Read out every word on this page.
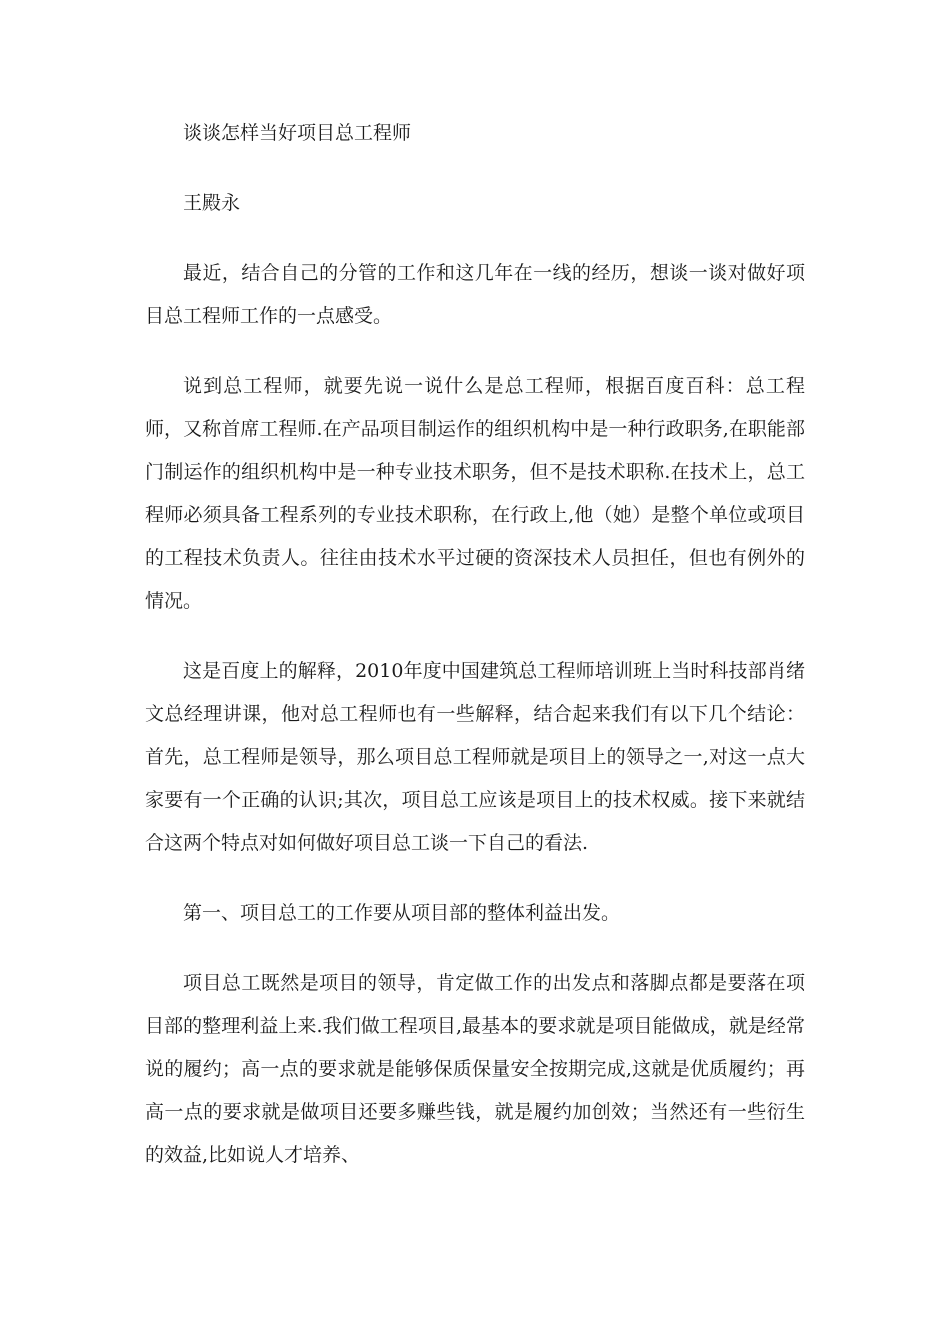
谈谈怎样当好项目总工程师

王殿永

最近，结合自己的分管的工作和这几年在一线的经历，想谈一谈对做好项目总工程师工作的一点感受。

说到总工程师，就要先说一说什么是总工程师，根据百度百科：总工程师，又称首席工程师.在产品项目制运作的组织机构中是一种行政职务,在职能部门制运作的组织机构中是一种专业技术职务，但不是技术职称.在技术上，总工程师必须具备工程系列的专业技术职称，在行政上,他（她）是整个单位或项目的工程技术负责人。往往由技术水平过硬的资深技术人员担任，但也有例外的情况。

这是百度上的解释，2010年度中国建筑总工程师培训班上当时科技部肖绪文总经理讲课，他对总工程师也有一些解释，结合起来我们有以下几个结论：首先，总工程师是领导，那么项目总工程师就是项目上的领导之一,对这一点大家要有一个正确的认识;其次，项目总工应该是项目上的技术权威。接下来就结合这两个特点对如何做好项目总工谈一下自己的看法.

第一、项目总工的工作要从项目部的整体利益出发。

项目总工既然是项目的领导，肯定做工作的出发点和落脚点都是要落在项目部的整理利益上来.我们做工程项目,最基本的要求就是项目能做成，就是经常说的履约；高一点的要求就是能够保质保量安全按期完成,这就是优质履约；再高一点的要求就是做项目还要多赚些钱，就是履约加创效；当然还有一些衍生的效益,比如说人才培养、
